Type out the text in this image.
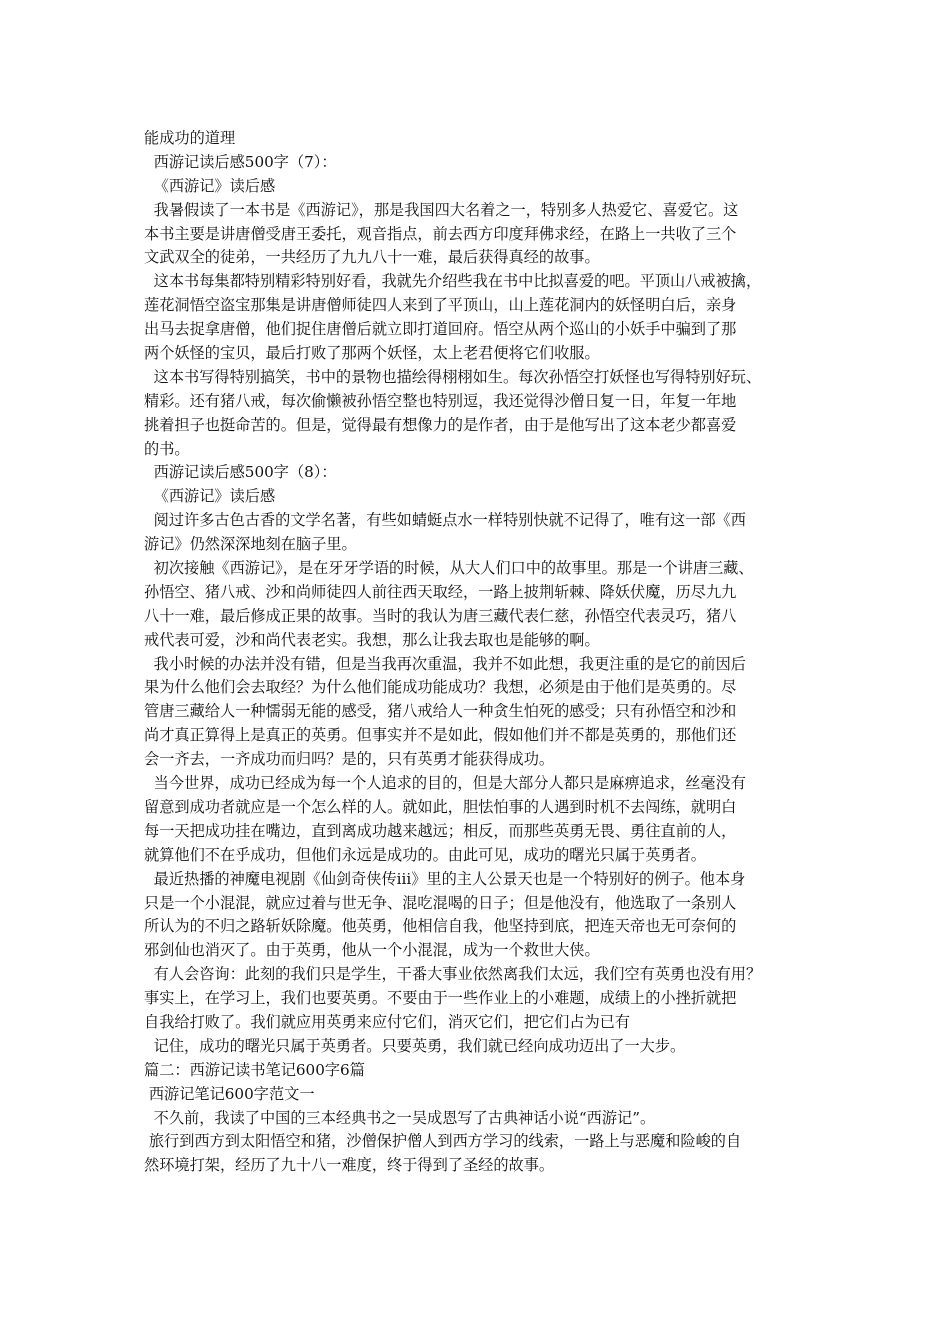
能成功的道理
西游记读后感500字（7）：
《西游记》读后感
我暑假读了一本书是《西游记》，那是我国四大名着之一，特别多人热爱它、喜爱它。这
本书主要是讲唐僧受唐王委托，观音指点，前去西方印度拜佛求经，在路上一共收了三个
文武双全的徒弟，一共经历了九九八十一难，最后获得真经的故事。
这本书每集都特别精彩特别好看，我就先介绍些我在书中比拟喜爱的吧。平顶山八戒被擒，
莲花洞悟空盗宝那集是讲唐僧师徒四人来到了平顶山，山上莲花洞内的妖怪明白后，亲身
出马去捉拿唐僧，他们捉住唐僧后就立即打道回府。悟空从两个巡山的小妖手中骗到了那
两个妖怪的宝贝，最后打败了那两个妖怪，太上老君便将它们收服。
这本书写得特别搞笑，书中的景物也描绘得栩栩如生。每次孙悟空打妖怪也写得特别好玩、
精彩。还有猪八戒，每次偷懒被孙悟空整也特别逗，我还觉得沙僧日复一日，年复一年地
挑着担子也挺命苦的。但是，觉得最有想像力的是作者，由于是他写出了这本老少都喜爱
的书。
西游记读后感500字（8）：
《西游记》读后感
阅过许多古色古香的文学名著，有些如蜻蜓点水一样特别快就不记得了，唯有这一部《西
游记》仍然深深地刻在脑子里。
初次接触《西游记》，是在牙牙学语的时候，从大人们口中的故事里。那是一个讲唐三藏、
孙悟空、猪八戒、沙和尚师徒四人前往西天取经，一路上披荆斩棘、降妖伏魔，历尽九九
八十一难，最后修成正果的故事。当时的我认为唐三藏代表仁慈，孙悟空代表灵巧，猪八
戒代表可爱，沙和尚代表老实。我想，那么让我去取也是能够的啊。
我小时候的办法并没有错，但是当我再次重温，我并不如此想，我更注重的是它的前因后
果为什么他们会去取经？为什么他们能成功能成功？我想，必须是由于他们是英勇的。尽
管唐三藏给人一种懦弱无能的感受，猪八戒给人一种贪生怕死的感受；只有孙悟空和沙和
尚才真正算得上是真正的英勇。但事实并不是如此，假如他们并不都是英勇的，那他们还
会一齐去，一齐成功而归吗？是的，只有英勇才能获得成功。
当今世界，成功已经成为每一个人追求的目的，但是大部分人都只是麻痹追求，丝毫没有
留意到成功者就应是一个怎么样的人。就如此，胆怯怕事的人遇到时机不去闯练，就明白
每一天把成功挂在嘴边，直到离成功越来越远；相反，而那些英勇无畏、勇往直前的人，
就算他们不在乎成功，但他们永远是成功的。由此可见，成功的曙光只属于英勇者。
最近热播的神魔电视剧《仙剑奇侠传iii》里的主人公景天也是一个特别好的例子。他本身
只是一个小混混，就应过着与世无争、混吃混喝的日子；但是他没有，他选取了一条别人
所认为的不归之路斩妖除魔。他英勇，他相信自我，他坚持到底，把连天帝也无可奈何的
邪剑仙也消灭了。由于英勇，他从一个小混混，成为一个救世大侠。
有人会咨询：此刻的我们只是学生，干番大事业依然离我们太远，我们空有英勇也没有用？
事实上，在学习上，我们也要英勇。不要由于一些作业上的小难题，成绩上的小挫折就把
自我给打败了。我们就应用英勇来应付它们，消灭它们，把它们占为已有
记住，成功的曙光只属于英勇者。只要英勇，我们就已经向成功迈出了一大步。
篇二：西游记读书笔记600字6篇
西游记笔记600字范文一
不久前，我读了中国的三本经典书之一吴成恩写了古典神话小说“西游记”。
旅行到西方到太阳悟空和猪，沙僧保护僧人到西方学习的线索，一路上与恶魔和险峻的自
然环境打架，经历了九十八一难度，终于得到了圣经的故事。
